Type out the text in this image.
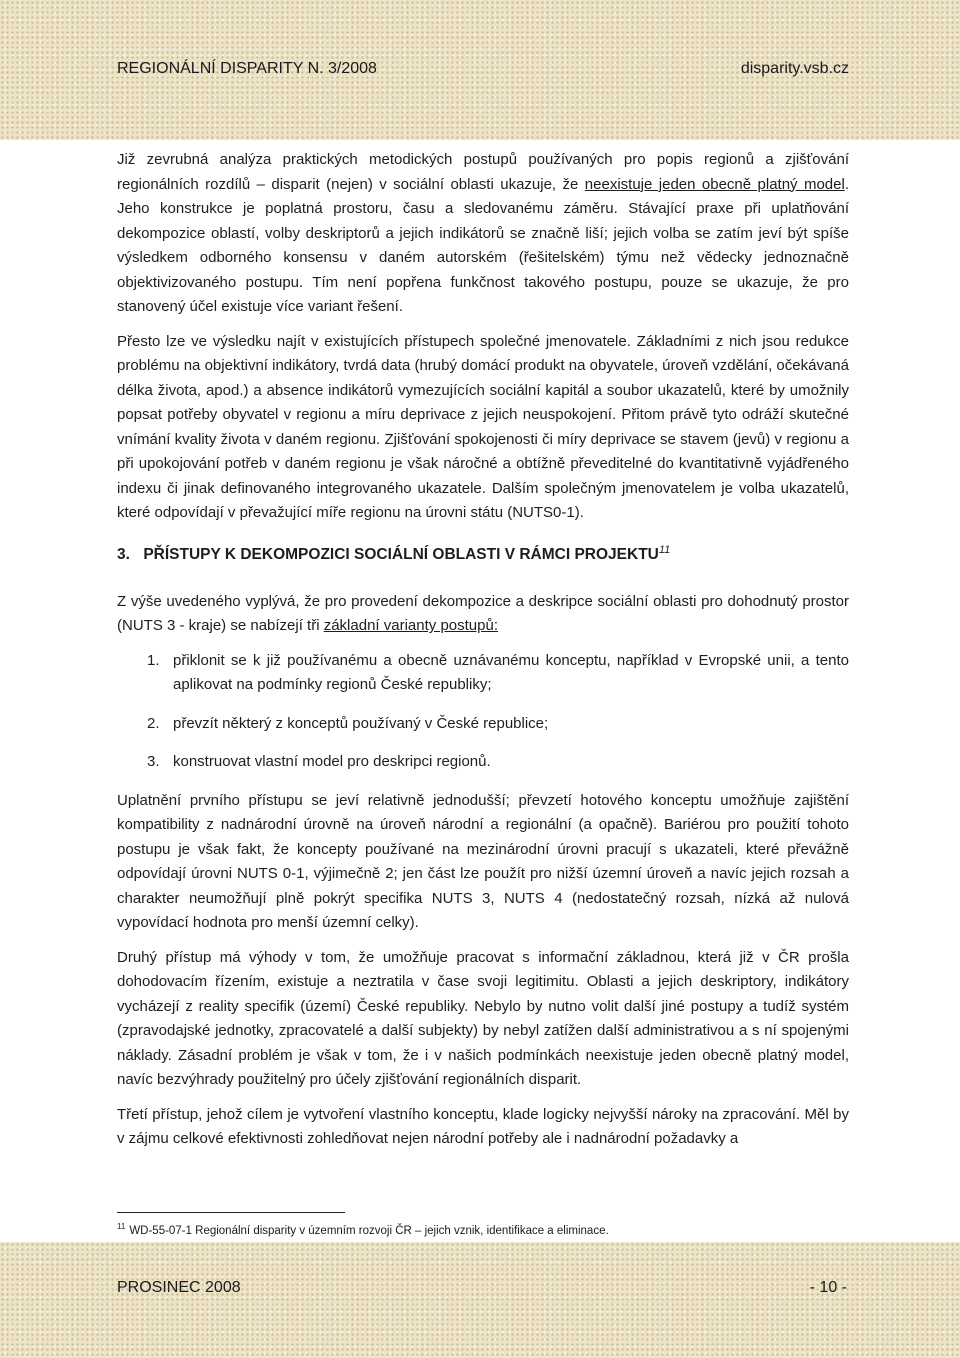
REGIONÁLNÍ DISPARITY N. 3/2008	disparity.vsb.cz

Již zevrubná analýza praktických metodických postupů používaných pro popis regionů a zjišťování regionálních rozdílů – disparit (nejen) v sociální oblasti ukazuje, že neexistuje jeden obecně platný model. Jeho konstrukce je poplatná prostoru, času a sledovanému záměru. Stávající praxe při uplatňování dekompozice oblastí, volby deskriptorů a jejich indikátorů se značně liší; jejich volba se zatím jeví být spíše výsledkem odborného konsensu v daném autorském (řešitelském) týmu než vědecky jednoznačně objektivizovaného postupu. Tím není popřena funkčnost takového postupu, pouze se ukazuje, že pro stanovený účel existuje více variant řešení.

Přesto lze ve výsledku najít v existujících přístupech společné jmenovatele. Základními z nich jsou redukce problému na objektivní indikátory, tvrdá data (hrubý domácí produkt na obyvatele, úroveň vzdělání, očekávaná délka života, apod.) a absence indikátorů vymezujících sociální kapitál a soubor ukazatelů, které by umožnily popsat potřeby obyvatel v regionu a míru deprivace z jejich neuspokojení. Přitom právě tyto odráží skutečné vnímání kvality života v daném regionu. Zjišťování spokojenosti či míry deprivace se stavem (jevů) v regionu a při upokojování potřeb v daném regionu je však náročné a obtížně převeditelné do kvantitativně vyjádřeného indexu či jinak definovaného integrovaného ukazatele. Dalším společným jmenovatelem je volba ukazatelů, které odpovídají v převažující míře regionu na úrovni státu (NUTS0-1).

3. PŘÍSTUPY K DEKOMPOZICI SOCIÁLNÍ OBLASTI V RÁMCI PROJEKTU$^{11}$

Z výše uvedeného vyplývá, že pro provedení dekompozice a deskripce sociální oblasti pro dohodnutý prostor (NUTS 3 - kraje) se nabízejí tři základní varianty postupů:

1. přiklonit se k již používanému a obecně uznávanému konceptu, například v Evropské unii, a tento aplikovat na podmínky regionů České republiky;
2. převzít některý z konceptů používaný v České republice;
3. konstruovat vlastní model pro deskripci regionů.

Uplatnění prvního přístupu se jeví relativně jednodušší; převzetí hotového konceptu umožňuje zajištění kompatibility z nadnárodní úrovně na úroveň národní a regionální (a opačně). Bariérou pro použití tohoto postupu je však fakt, že koncepty používané na mezinárodní úrovni pracují s ukazateli, které převážně odpovídají úrovni NUTS 0-1, výjimečně 2; jen část lze použít pro nižší územní úroveň a navíc jejich rozsah a charakter neumožňují plně pokrýt specifika NUTS 3, NUTS 4 (nedostatečný rozsah, nízká až nulová vypovídací hodnota pro menší územní celky).

Druhý přístup má výhody v tom, že umožňuje pracovat s informační základnou, která již v ČR prošla dohodovacím řízením, existuje a neztratila v čase svoji legitimitu. Oblasti a jejich deskriptory, indikátory vycházejí z reality specifik (území) České republiky. Nebylo by nutno volit další jiné postupy a tudíž systém (zpravodajské jednotky, zpracovatelé a další subjekty) by nebyl zatížen další administrativou a s ní spojenými náklady. Zásadní problém je však v tom, že i v našich podmínkách neexistuje jeden obecně platný model, navíc bezvýhrady použitelný pro účely zjišťování regionálních disparit.

Třetí přístup, jehož cílem je vytvoření vlastního konceptu, klade logicky nejvyšší nároky na zpracování. Měl by v zájmu celkové efektivnosti zohledňovat nejen národní potřeby ale i nadnárodní požadavky a

$^{11}$ WD-55-07-1 Regionální disparity v územním rozvoji ČR – jejich vznik, identifikace a eliminace.
PROSINEC 2008	- 10 -
